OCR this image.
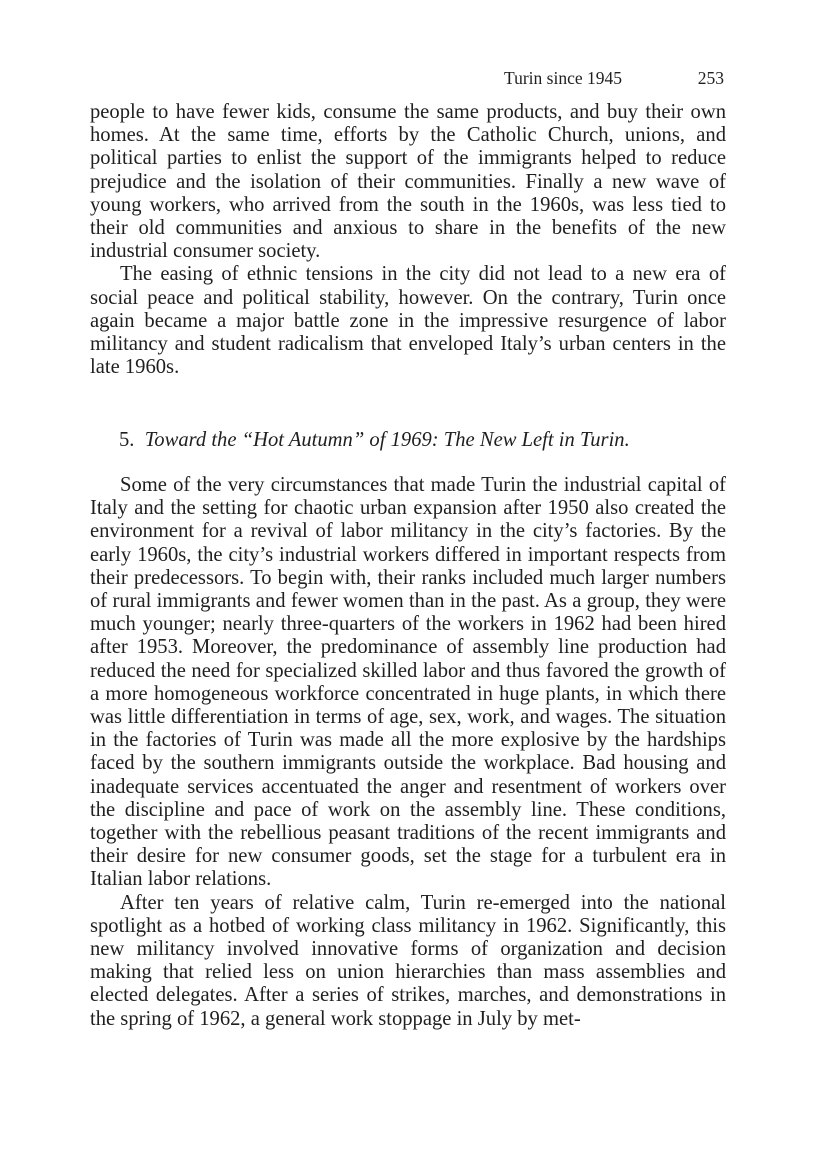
Turin since 1945	253

people to have fewer kids, consume the same products, and buy their own homes. At the same time, efforts by the Catholic Church, unions, and political parties to enlist the support of the immigrants helped to reduce prejudice and the isolation of their communities. Finally a new wave of young workers, who arrived from the south in the 1960s, was less tied to their old communities and anxious to share in the benefits of the new industrial consumer society.

The easing of ethnic tensions in the city did not lead to a new era of social peace and political stability, however. On the contrary, Turin once again became a major battle zone in the impressive resurgence of labor militancy and student radicalism that enveloped Italy’s urban centers in the late 1960s.

5. Toward the “Hot Autumn” of 1969: The New Left in Turin.

Some of the very circumstances that made Turin the industrial capital of Italy and the setting for chaotic urban expansion after 1950 also created the environment for a revival of labor militancy in the city’s factories. By the early 1960s, the city’s industrial workers differed in important respects from their predecessors. To begin with, their ranks included much larger numbers of rural immigrants and fewer women than in the past. As a group, they were much younger; nearly three-quarters of the workers in 1962 had been hired after 1953. Moreover, the predominance of assembly line production had reduced the need for specialized skilled labor and thus favored the growth of a more homogeneous workforce concentrated in huge plants, in which there was little differentiation in terms of age, sex, work, and wages. The situation in the factories of Turin was made all the more explosive by the hardships faced by the southern immigrants outside the workplace. Bad housing and inadequate services accentuated the anger and resentment of workers over the discipline and pace of work on the assembly line. These conditions, together with the rebellious peasant traditions of the recent immigrants and their desire for new consumer goods, set the stage for a turbulent era in Italian labor relations.

After ten years of relative calm, Turin re-emerged into the national spotlight as a hotbed of working class militancy in 1962. Significantly, this new militancy involved innovative forms of organization and decision making that relied less on union hierarchies than mass assemblies and elected delegates. After a series of strikes, marches, and demonstrations in the spring of 1962, a general work stoppage in July by met-
